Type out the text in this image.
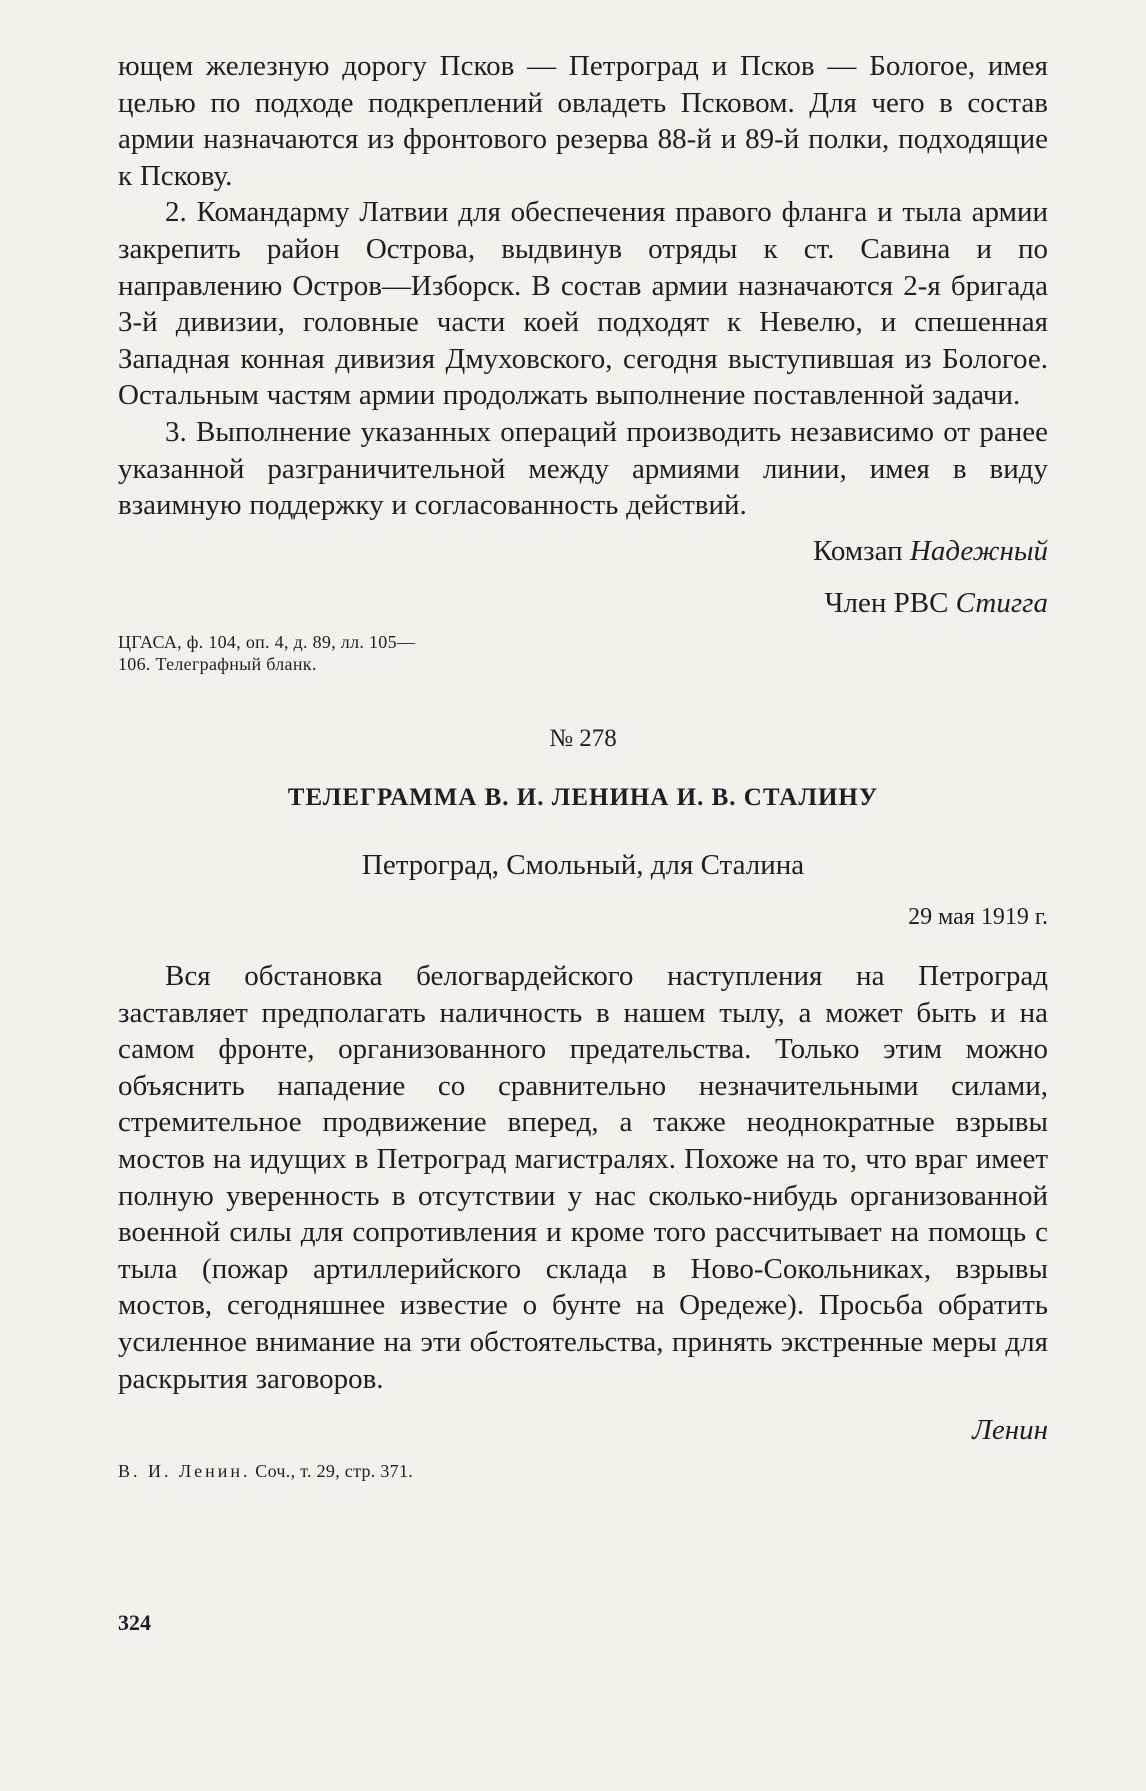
ющем железную дорогу Псков — Петроград и Псков — Бологое, имея целью по подходе подкреплений овладеть Псковом. Для чего в состав армии назначаются из фронтового резерва 88-й и 89-й полки, подходящие к Пскову.

2. Командарму Латвии для обеспечения правого фланга и тыла армии закрепить район Острова, выдвинув отряды к ст. Савина и по направлению Остров—Изборск. В состав армии назначаются 2-я бригада 3-й дивизии, головные части коей подходят к Невелю, и спешенная Западная конная дивизия Дмуховского, сегодня выступившая из Бологое. Остальным частям армии продолжать выполнение поставленной задачи.

3. Выполнение указанных операций производить независимо от ранее указанной разграничительной между армиями линии, имея в виду взаимную поддержку и согласованность действий.

Комзап Надежный
Член РВС Стигга
ЦГАСА, ф. 104, оп. 4, д. 89, лл. 105—
106. Телеграфный бланк.
№ 278
ТЕЛЕГРАММА В. И. ЛЕНИНА И. В. СТАЛИНУ
Петроград, Смольный, для Сталина
29 мая 1919 г.

Вся обстановка белогвардейского наступления на Петроград заставляет предполагать наличность в нашем тылу, а может быть и на самом фронте, организованного предательства. Только этим можно объяснить нападение со сравнительно незначительными силами, стремительное продвижение вперед, а также неоднократные взрывы мостов на идущих в Петроград магистралях. Похоже на то, что враг имеет полную уверенность в отсутствии у нас сколько-нибудь организованной военной силы для сопротивления и кроме того рассчитывает на помощь с тыла (пожар артиллерийского склада в Ново-Сокольниках, взрывы мостов, сегодняшнее известие о бунте на Оредеже). Просьба обратить усиленное внимание на эти обстоятельства, принять экстренные меры для раскрытия заговоров.

Ленин
В. И. Ленин. Соч., т. 29, стр. 371.
324
